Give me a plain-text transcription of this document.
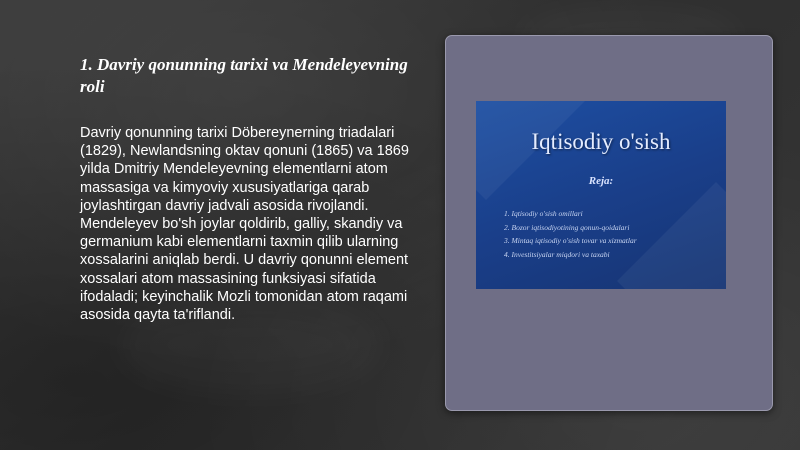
1. Davriy qonunning tarixi va Mendeleyevning roli

Davriy qonunning tarixi Döbereynerning triadalari (1829), Newlandsning oktav qonuni (1865) va 1869 yilda Dmitriy Mendeleyevning elementlarni atom massasiga va kimyoviy xususiyatlariga qarab joylashtirgan davriy jadvali asosida rivojlandi. Mendeleyev bo'sh joylar qoldirib, galliy, skandiy va germanium kabi elementlarni taxmin qilib ularning xossalarini aniqlab berdi. U davriy qonunni element xossalari atom massasining funksiyasi sifatida ifodaladi; keyinchalik Mozli tomonidan atom raqami asosida qayta ta'riflandi.

Iqtisodiy o'sish

Reja:

1. Iqtisodiy o'sish omillari
2. Bozor iqtisodiyotining qonun-qoidalari
3. Mintaq iqtisodiy o'sish tovar va xizmatlar
4. Investitsiyalar miqdori va taxabi
